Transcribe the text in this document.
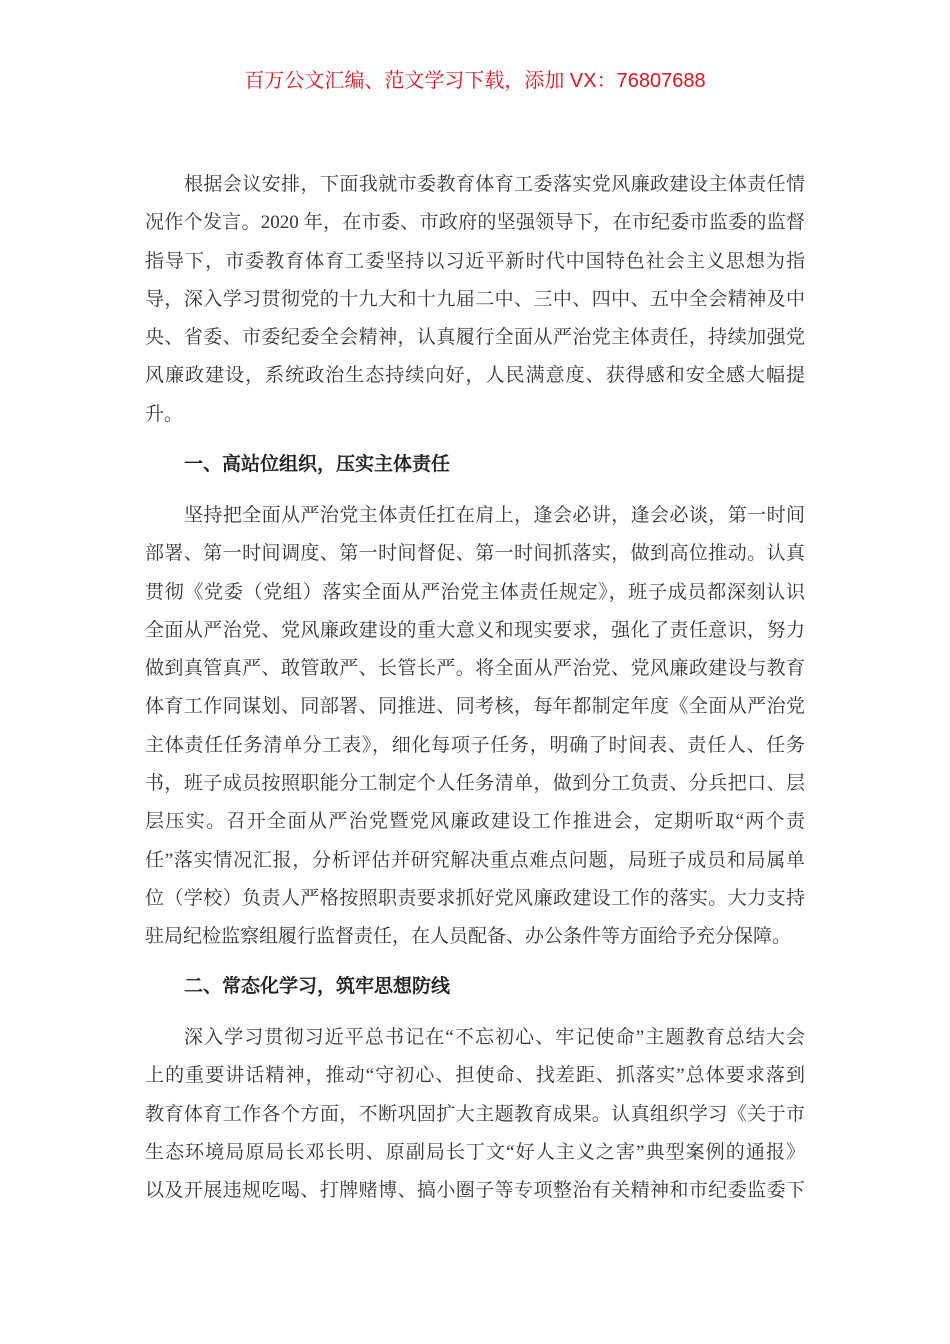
百万公文汇编、范文学习下载，添加 VX：76807688
根据会议安排，下面我就市委教育体育工委落实党风廉政建设主体责任情
况作个发言。2020 年，在市委、市政府的坚强领导下，在市纪委市监委的监督
指导下，市委教育体育工委坚持以习近平新时代中国特色社会主义思想为指
导，深入学习贯彻党的十九大和十九届二中、三中、四中、五中全会精神及中
央、省委、市委纪委全会精神，认真履行全面从严治党主体责任，持续加强党
风廉政建设，系统政治生态持续向好，人民满意度、获得感和安全感大幅提
升。
一、高站位组织，压实主体责任
坚持把全面从严治党主体责任扛在肩上，逢会必讲，逢会必谈，第一时间
部署、第一时间调度、第一时间督促、第一时间抓落实，做到高位推动。认真
贯彻《党委（党组）落实全面从严治党主体责任规定》，班子成员都深刻认识
全面从严治党、党风廉政建设的重大意义和现实要求，强化了责任意识，努力
做到真管真严、敢管敢严、长管长严。将全面从严治党、党风廉政建设与教育
体育工作同谋划、同部署、同推进、同考核，每年都制定年度《全面从严治党
主体责任任务清单分工表》，细化每项子任务，明确了时间表、责任人、任务
书，班子成员按照职能分工制定个人任务清单，做到分工负责、分兵把口、层
层压实。召开全面从严治党暨党风廉政建设工作推进会，定期听取“两个责
任”落实情况汇报，分析评估并研究解决重点难点问题，局班子成员和局属单
位（学校）负责人严格按照职责要求抓好党风廉政建设工作的落实。大力支持
驻局纪检监察组履行监督责任，在人员配备、办公条件等方面给予充分保障。
二、常态化学习，筑牢思想防线
深入学习贯彻习近平总书记在“不忘初心、牢记使命”主题教育总结大会
上的重要讲话精神，推动“守初心、担使命、找差距、抓落实”总体要求落到
教育体育工作各个方面，不断巩固扩大主题教育成果。认真组织学习《关于市
生态环境局原局长邓长明、原副局长丁文“好人主义之害”典型案例的通报》
以及开展违规吃喝、打牌赌博、搞小圈子等专项整治有关精神和市纪委监委下
